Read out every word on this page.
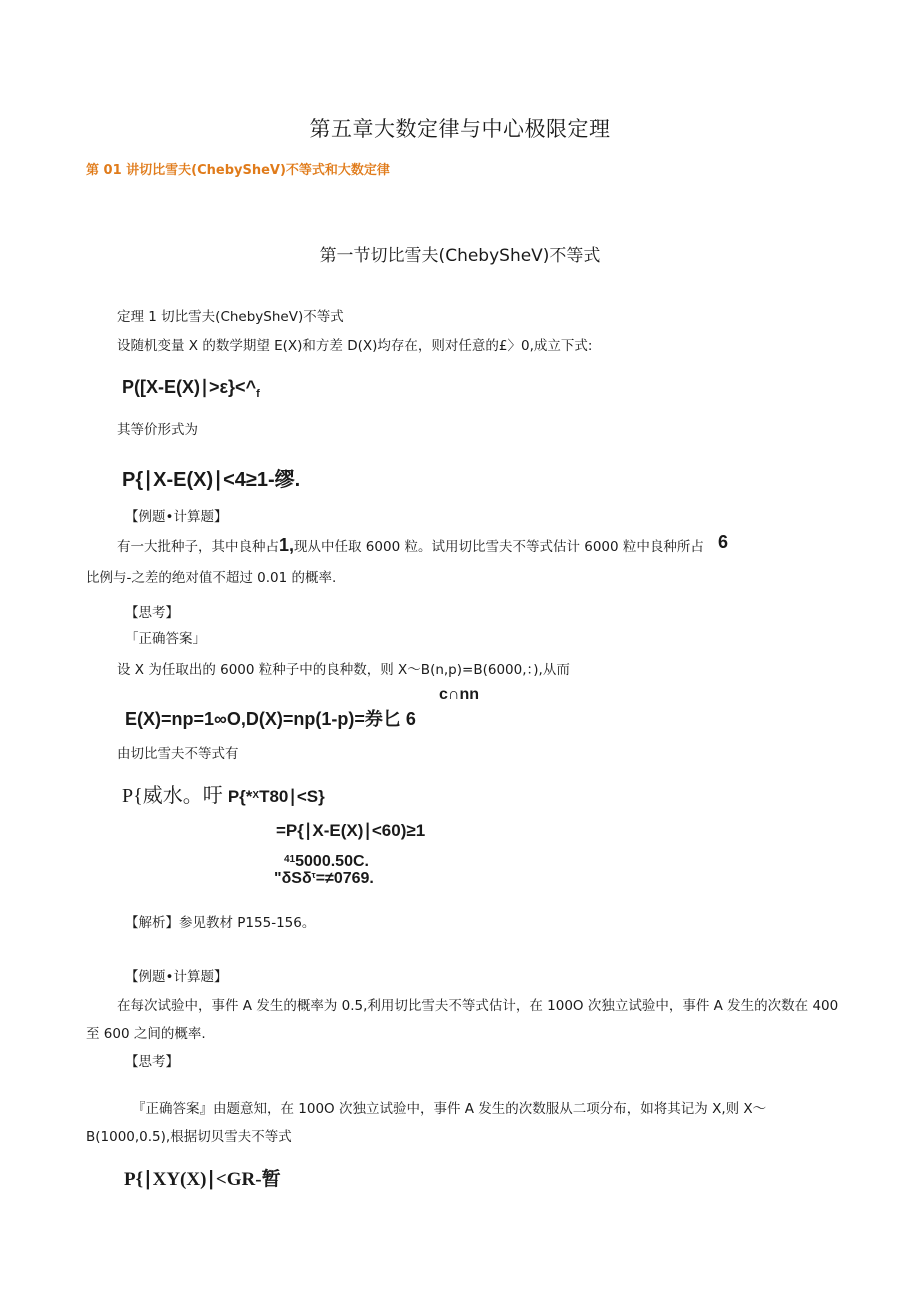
第五章大数定律与中心极限定理
第 01 讲切比雪夫(ChebySheV)不等式和大数定律
第一节切比雪夫(ChebySheV)不等式
定理 1 切比雪夫(ChebySheV)不等式
设随机变量 X 的数学期望 E(X)和方差 D(X)均存在，则对任意的£〉0,成立下式:
$P([X-E(X)∣>\varepsilon\}<\^{}_f$
其等价形式为
P{∣X-E(X)∣<4≥1-缪.
【例题•计算题】
有一大批种子，其中良种占1,现从中任取 6000 粒。试用切比雪夫不等式估计 6000 粒中良种所占 6
比例与-之差的绝对值不超过 0.01 的概率.
【思考】
「正确答案」
设 X 为任取出的 6000 粒种子中的良种数，则 X～B(n,p)=B(6000,：),从而
c∩nn
E(X)=np=1∞O,D(X)=np(1-p)=券匕 6
由切比雪夫不等式有
P{威水。吁 P{*$^X$T80∣<S}
=P{∣X-E(X)∣<60)≥1
$^{41}$5000.50C.
"δSδ$^\tau$=≠0769.
【解析】参见教材 P155-156。
【例题•计算题】
在每次试验中，事件 A 发生的概率为 0.5,利用切比雪夫不等式估计，在 100O 次独立试验中，事件 A 发生的次数在 400
至 600 之间的概率.
【思考】
『正确答案』由题意知，在 100O 次独立试验中，事件 A 发生的次数服从二项分布，如将其记为 X,则 X～
B(1000,0.5),根据切贝雪夫不等式
P{∣XY(X)∣<GR-暂
